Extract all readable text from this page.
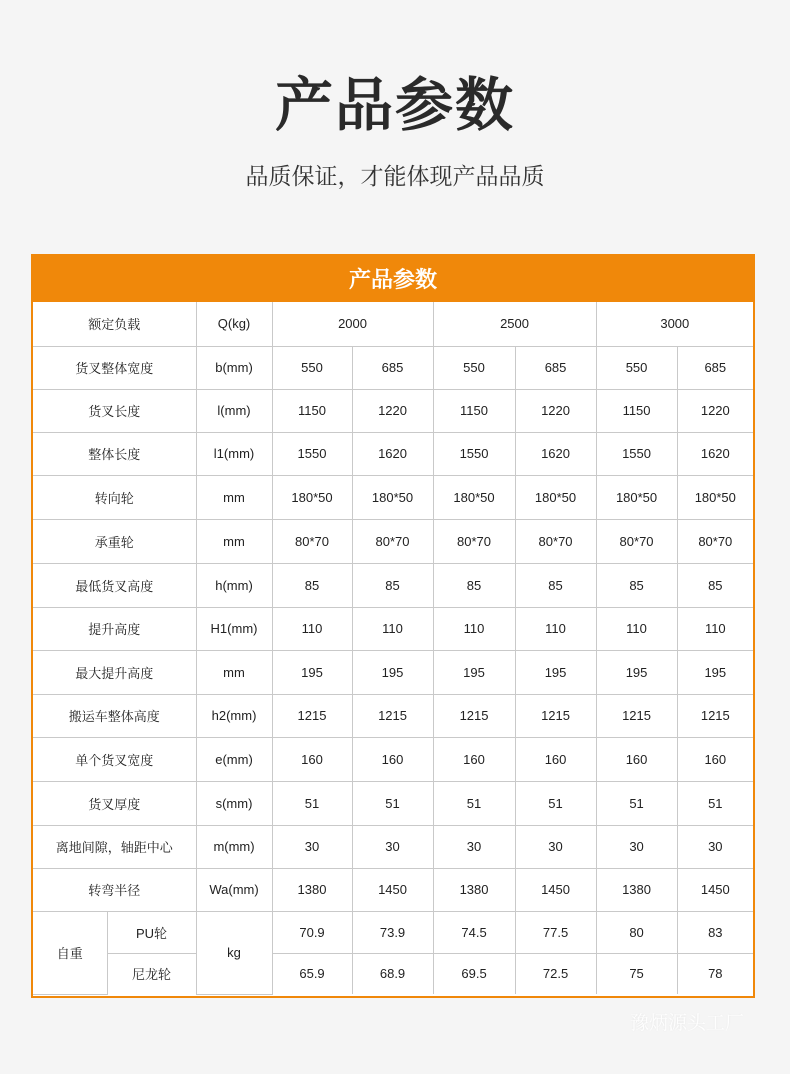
产品参数
品质保证，才能体现产品品质
产品参数
额定负载		Q(kg)	2000		2500		3000	
货叉整体宽度		b(mm)	550	685	550	685	550	685
货叉长度		l(mm)	1150	1220	1150	1220	1150	1220
整体长度		l1(mm)	1550	1620	1550	1620	1550	1620
转向轮		mm	180*50	180*50	180*50	180*50	180*50	180*50
承重轮		mm	80*70	80*70	80*70	80*70	80*70	80*70
最低货叉高度		h(mm)	85	85	85	85	85	85
提升高度		H1(mm)	110	110	110	110	110	110
最大提升高度		mm	195	195	195	195	195	195
搬运车整体高度		h2(mm)	1215	1215	1215	1215	1215	1215
单个货叉宽度		e(mm)	160	160	160	160	160	160
货叉厚度		s(mm)	51	51	51	51	51	51
离地间隙，轴距中心		m(mm)	30	30	30	30	30	30
转弯半径		Wa(mm)	1380	1450	1380	1450	1380	1450
自重	PU轮	kg	70.9	73.9	74.5	77.5	80	83
	尼龙轮		65.9	68.9	69.5	72.5	75	78
豫炳源头工厂
